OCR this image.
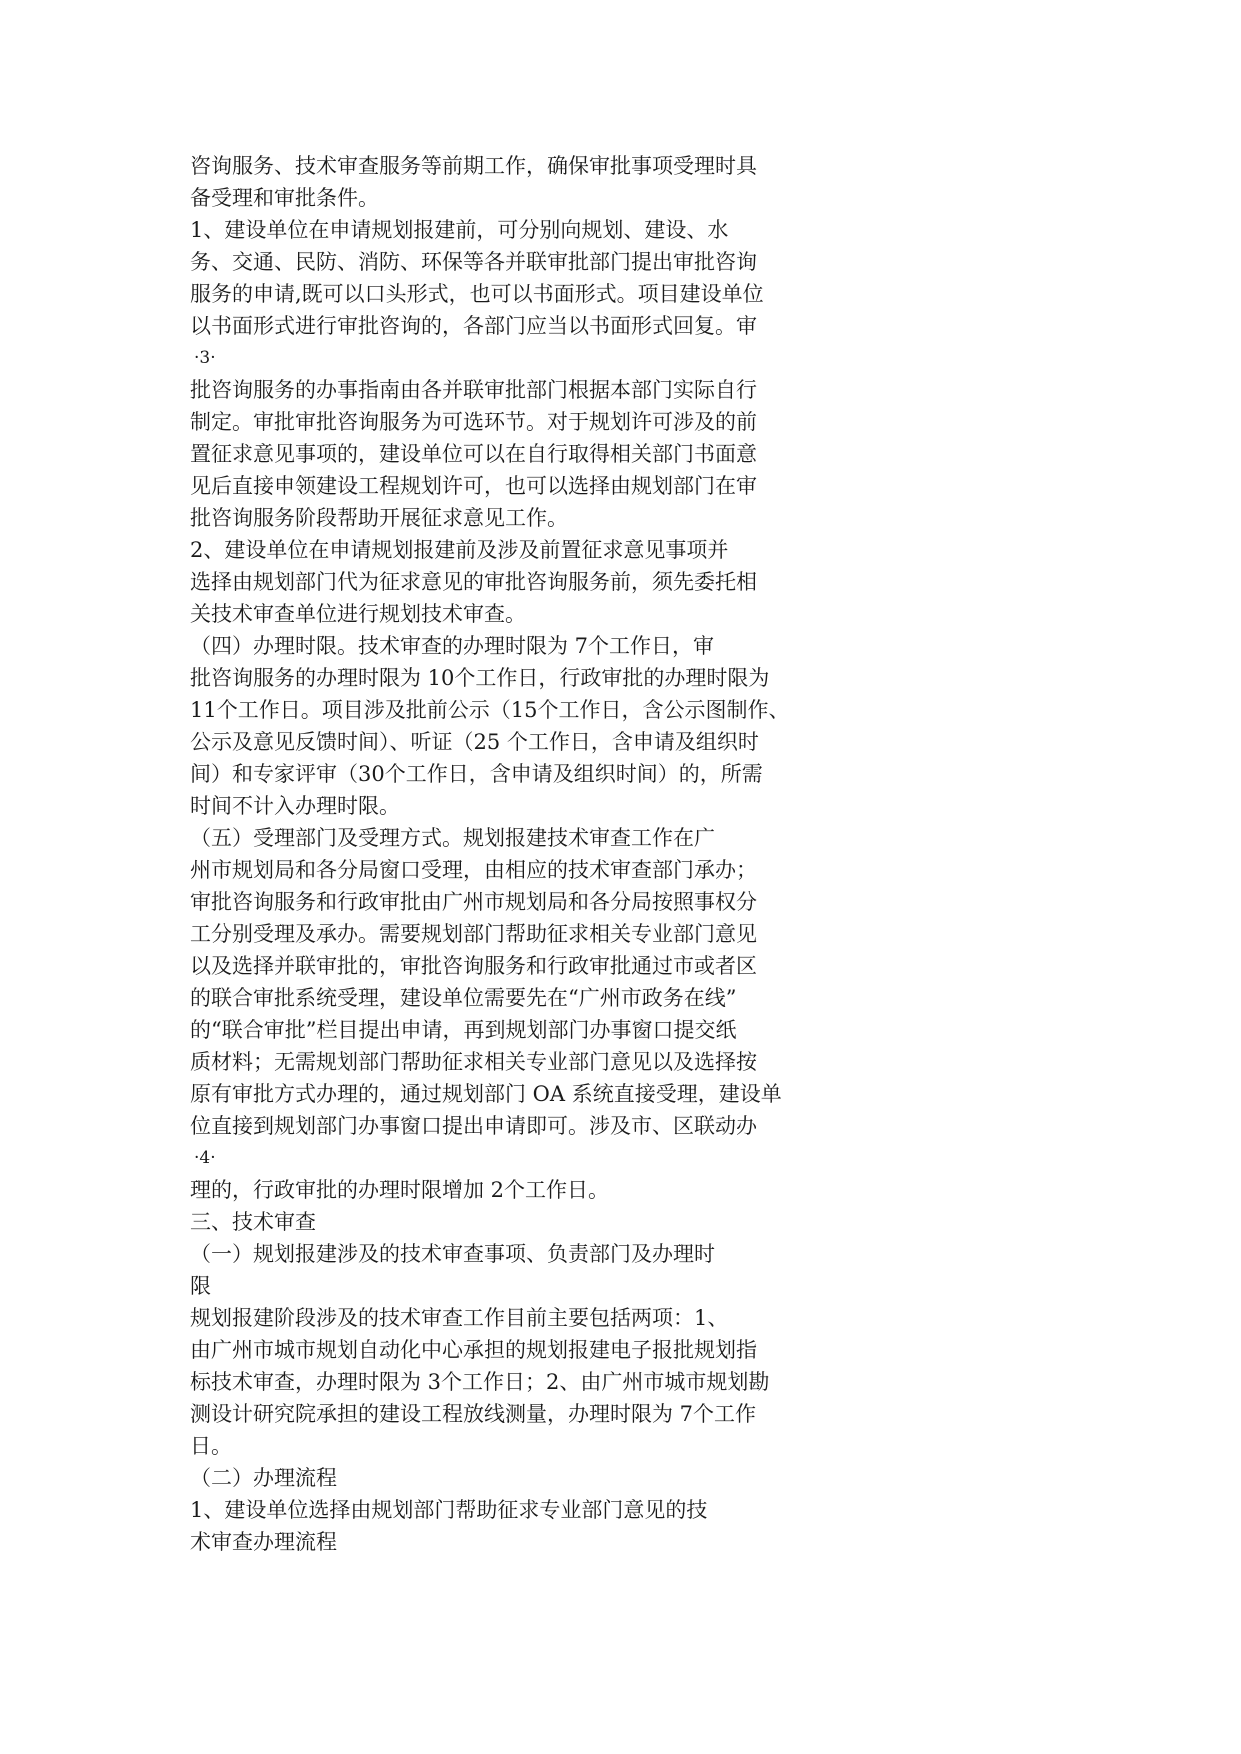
咨询服务、技术审查服务等前期工作，确保审批事项受理时具
备受理和审批条件。
1、建设单位在申请规划报建前，可分别向规划、建设、水
务、交通、民防、消防、环保等各并联审批部门提出审批咨询
服务的申请,既可以口头形式，也可以书面形式。项目建设单位
以书面形式进行审批咨询的，各部门应当以书面形式回复。审
·3·
批咨询服务的办事指南由各并联审批部门根据本部门实际自行
制定。审批审批咨询服务为可选环节。对于规划许可涉及的前
置征求意见事项的，建设单位可以在自行取得相关部门书面意
见后直接申领建设工程规划许可，也可以选择由规划部门在审
批咨询服务阶段帮助开展征求意见工作。
2、建设单位在申请规划报建前及涉及前置征求意见事项并
选择由规划部门代为征求意见的审批咨询服务前，须先委托相
关技术审查单位进行规划技术审查。
（四）办理时限。技术审查的办理时限为 7个工作日，审
批咨询服务的办理时限为 10个工作日，行政审批的办理时限为
11个工作日。项目涉及批前公示（15个工作日，含公示图制作、
公示及意见反馈时间）、听证（25 个工作日，含申请及组织时
间）和专家评审（30个工作日，含申请及组织时间）的，所需
时间不计入办理时限。
（五）受理部门及受理方式。规划报建技术审查工作在广
州市规划局和各分局窗口受理，由相应的技术审查部门承办；
审批咨询服务和行政审批由广州市规划局和各分局按照事权分
工分别受理及承办。需要规划部门帮助征求相关专业部门意见
以及选择并联审批的，审批咨询服务和行政审批通过市或者区
的联合审批系统受理，建设单位需要先在“广州市政务在线”
的“联合审批”栏目提出申请，再到规划部门办事窗口提交纸
质材料；无需规划部门帮助征求相关专业部门意见以及选择按
原有审批方式办理的，通过规划部门 OA 系统直接受理，建设单
位直接到规划部门办事窗口提出申请即可。涉及市、区联动办
·4·
理的，行政审批的办理时限增加 2个工作日。
三、技术审查
（一）规划报建涉及的技术审查事项、负责部门及办理时
限
规划报建阶段涉及的技术审查工作目前主要包括两项：1、
由广州市城市规划自动化中心承担的规划报建电子报批规划指
标技术审查，办理时限为 3个工作日；2、由广州市城市规划勘
测设计研究院承担的建设工程放线测量，办理时限为 7个工作
日。
（二）办理流程
1、建设单位选择由规划部门帮助征求专业部门意见的技
术审查办理流程
